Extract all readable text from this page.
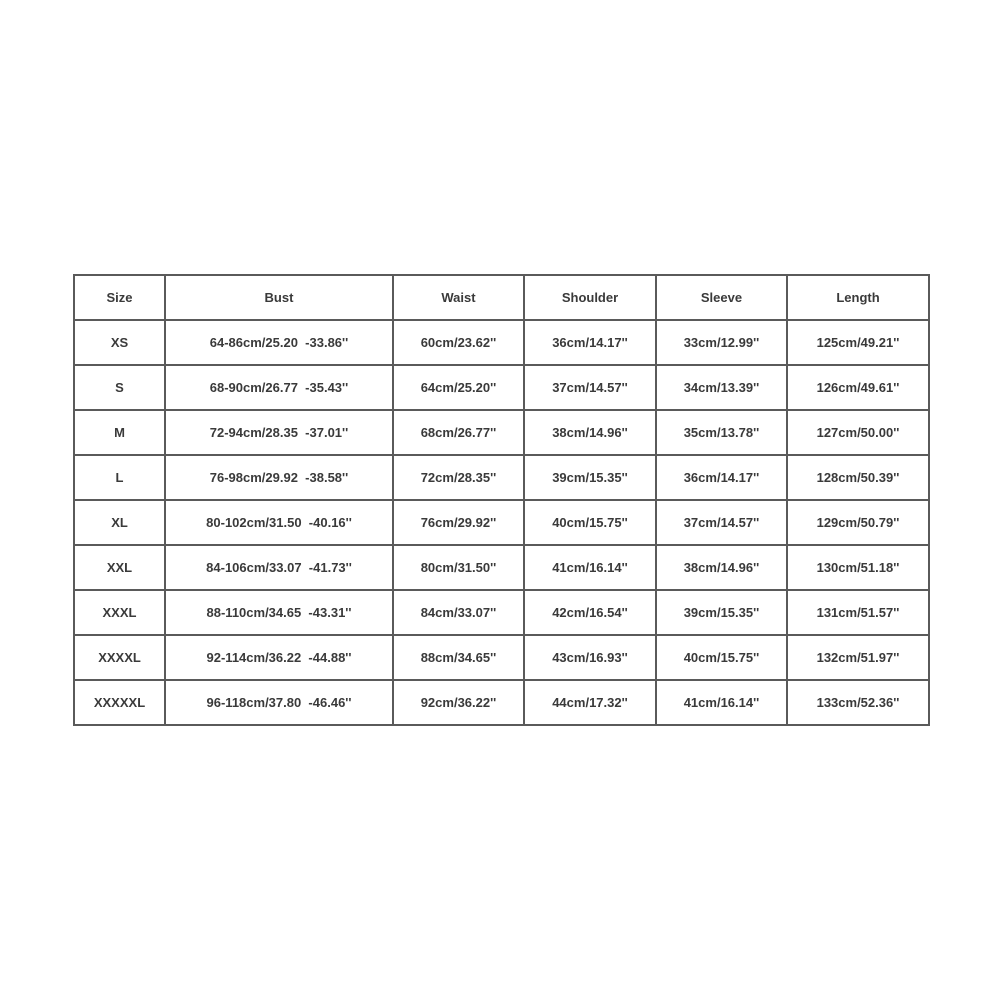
Size	Bust	Waist	Shoulder	Sleeve	Length
XS	64-86cm/25.20  -33.86''	60cm/23.62''	36cm/14.17''	33cm/12.99''	125cm/49.21''
S	68-90cm/26.77  -35.43''	64cm/25.20''	37cm/14.57''	34cm/13.39''	126cm/49.61''
M	72-94cm/28.35  -37.01''	68cm/26.77''	38cm/14.96''	35cm/13.78''	127cm/50.00''
L	76-98cm/29.92  -38.58''	72cm/28.35''	39cm/15.35''	36cm/14.17''	128cm/50.39''
XL	80-102cm/31.50  -40.16''	76cm/29.92''	40cm/15.75''	37cm/14.57''	129cm/50.79''
XXL	84-106cm/33.07  -41.73''	80cm/31.50''	41cm/16.14''	38cm/14.96''	130cm/51.18''
XXXL	88-110cm/34.65  -43.31''	84cm/33.07''	42cm/16.54''	39cm/15.35''	131cm/51.57''
XXXXL	92-114cm/36.22  -44.88''	88cm/34.65''	43cm/16.93''	40cm/15.75''	132cm/51.97''
XXXXXL	96-118cm/37.80  -46.46''	92cm/36.22''	44cm/17.32''	41cm/16.14''	133cm/52.36''
